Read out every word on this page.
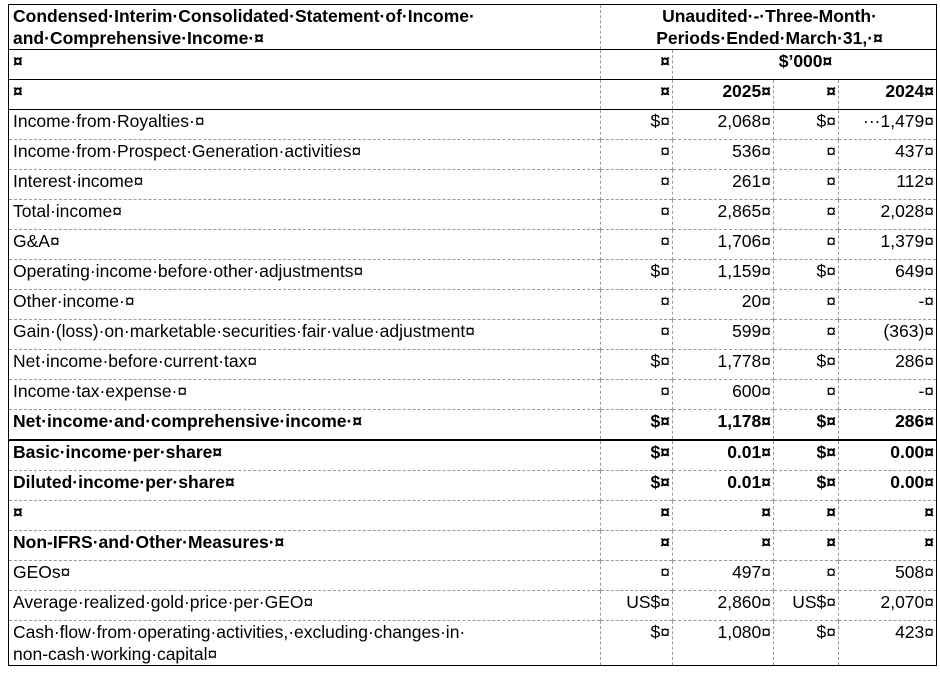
Condensed·Interim·Consolidated·Statement·of·Income·
and·Comprehensive·Income·¤	Unaudited·-·Three-Month·
Periods·Ended·March·31,·¤			
¤	¤	$’000¤		
¤	¤	2025¤	¤	2024¤
Income·from·Royalties·¤	$¤	2,068¤	$¤	···1,479¤
Income·from·Prospect·Generation·activities¤	¤	536¤	¤	437¤
Interest·income¤	¤	261¤	¤	112¤
Total·income¤	¤	2,865¤	¤	2,028¤
G&A¤	¤	1,706¤	¤	1,379¤
Operating·income·before·other·adjustments¤	$¤	1,159¤	$¤	649¤
Other·income·¤	¤	20¤	¤	-¤
Gain·(loss)·on·marketable·securities·fair·value·adjustment¤	¤	599¤	¤	(363)¤
Net·income·before·current·tax¤	$¤	1,778¤	$¤	286¤
Income·tax·expense·¤	¤	600¤	¤	-¤
Net·income·and·comprehensive·income·¤	$¤	1,178¤	$¤	286¤
Basic·income·per·share¤	$¤	0.01¤	$¤	0.00¤
Diluted·income·per·share¤	$¤	0.01¤	$¤	0.00¤
¤	¤	¤	¤	¤
Non-IFRS·and·Other·Measures·¤	¤	¤	¤	¤
GEOs¤	¤	497¤	¤	508¤
Average·realized·gold·price·per·GEO¤	US$¤	2,860¤	US$¤	2,070¤
Cash·flow·from·operating·activities,·excluding·changes·in·
non-cash·working·capital¤	$¤	1,080¤	$¤	423¤
